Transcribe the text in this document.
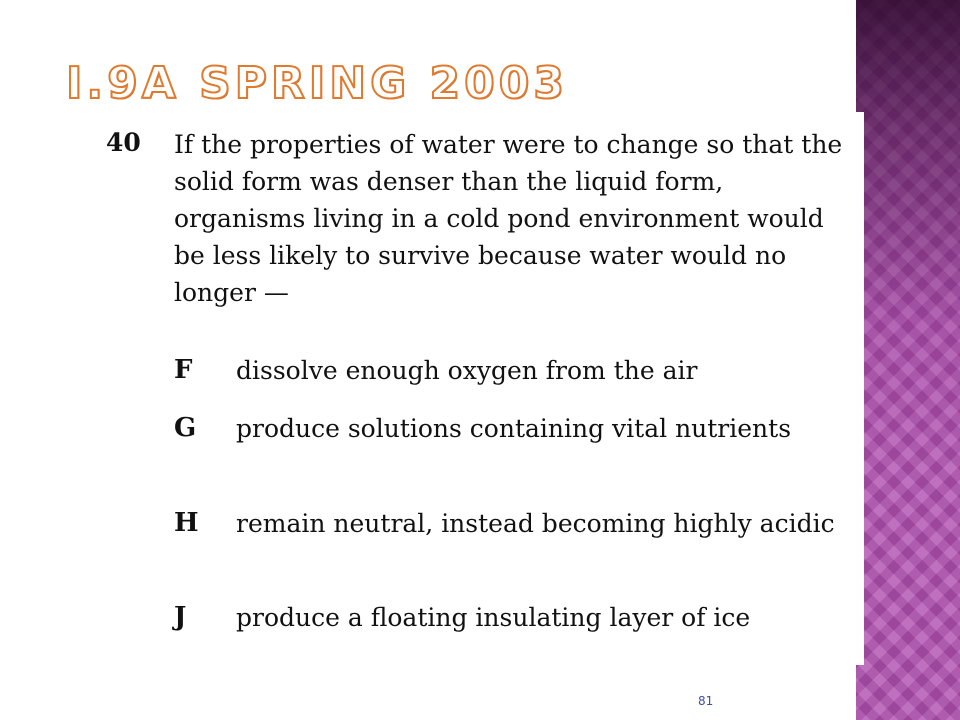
I.9A SPRING 2003
40 If the properties of water were to change so that the solid form was denser than the liquid form, organisms living in a cold pond environment would be less likely to survive because water would no longer —
F dissolve enough oxygen from the air
G produce solutions containing vital nutrients
H remain neutral, instead becoming highly acidic
J produce a floating insulating layer of ice
81
